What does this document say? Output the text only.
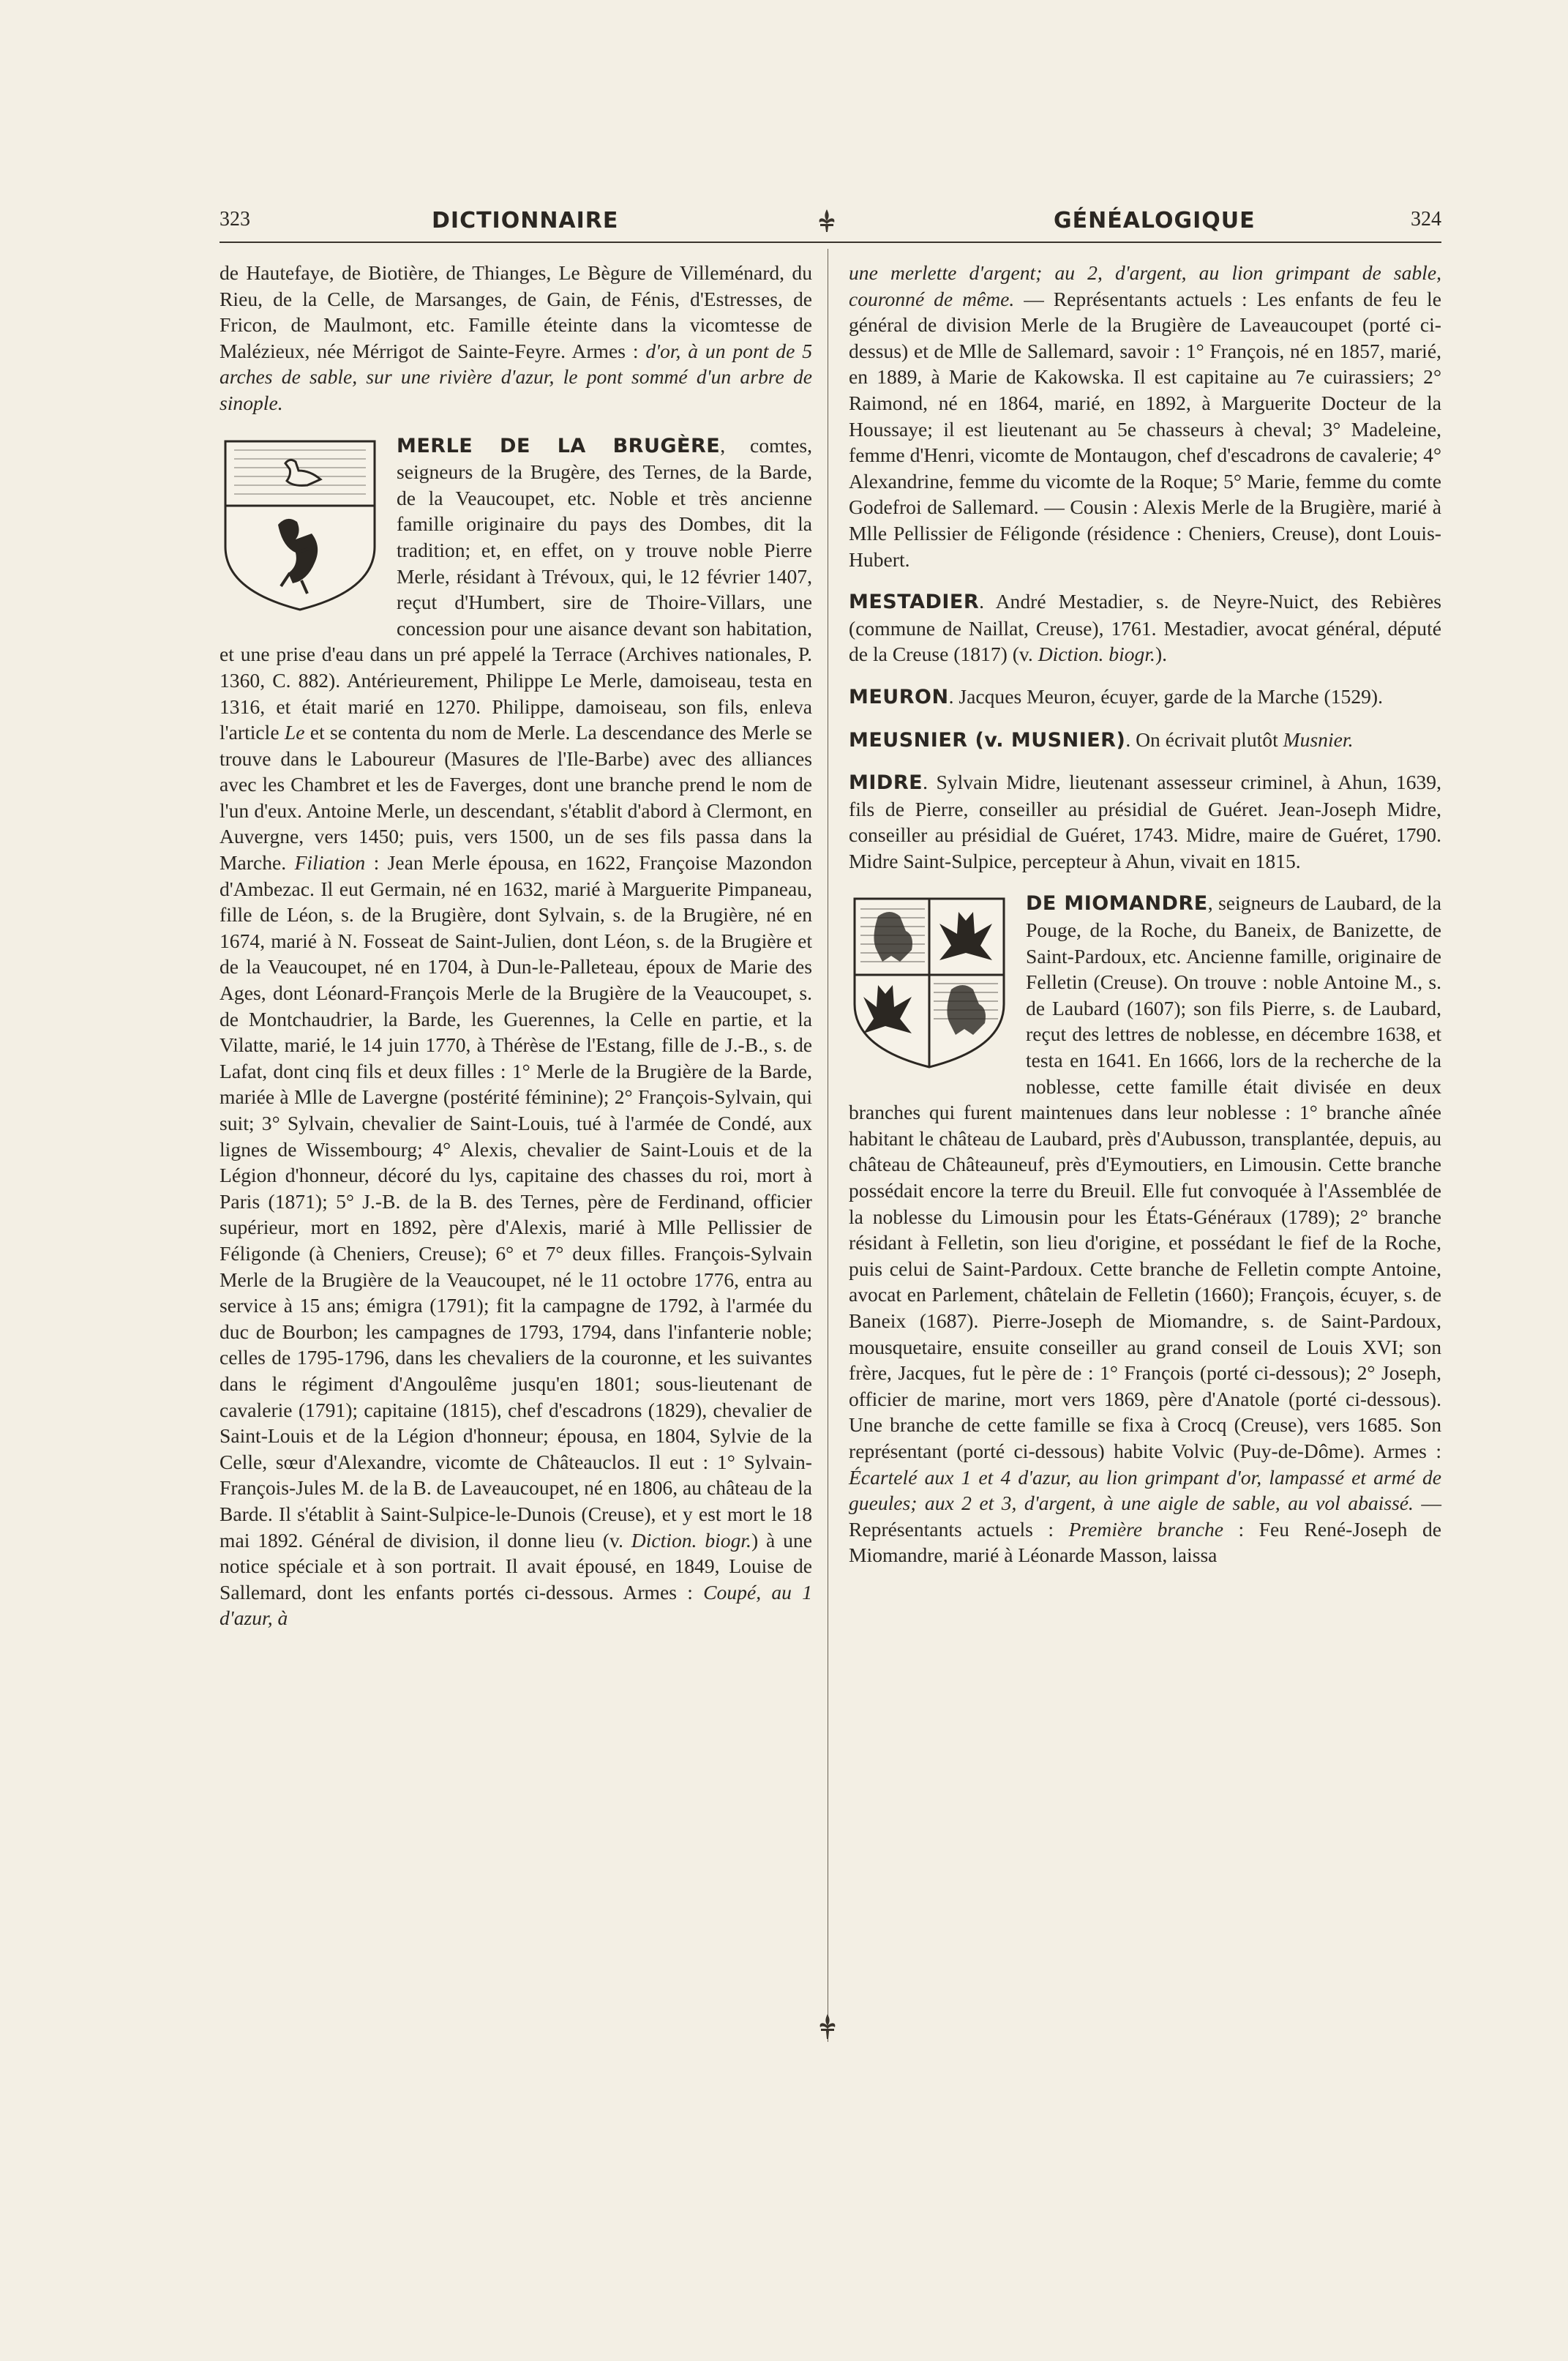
323	DICTIONNAIRE	GÉNÉALOGIQUE	324

de Hautefaye, de Biotière, de Thianges, Le Bègure de Villeménard, du Rieu, de la Celle, de Marsanges, de Gain, de Fénis, d'Estresses, de Fricon, de Maulmont, etc. Famille éteinte dans la vicomtesse de Malézieux, née Mérrigot de Sainte-Feyre. Armes : d'or, à un pont de 5 arches de sable, sur une rivière d'azur, le pont sommé d'un arbre de sinople.

MERLE DE LA BRUGÈRE, comtes, seigneurs de la Brugère, des Ternes, de la Barde, de la Veaucoupet, etc. Noble et très ancienne famille originaire du pays des Dombes, dit la tradition; et, en effet, on y trouve noble Pierre Merle, résidant à Trévoux, qui, le 12 février 1407, reçut d'Humbert, sire de Thoire-Villars, une concession pour une aisance devant son habitation, et une prise d'eau dans un pré appelé la Terrace (Archives nationales, P. 1360, C. 882). Antérieurement, Philippe Le Merle, damoiseau, testa en 1316, et était marié en 1270. Philippe, damoiseau, son fils, enleva l'article Le et se contenta du nom de Merle. La descendance des Merle se trouve dans le Laboureur (Masures de l'Ile-Barbe) avec des alliances avec les Chambret et les de Faverges, dont une branche prend le nom de l'un d'eux. Antoine Merle, un descendant, s'établit d'abord à Clermont, en Auvergne, vers 1450; puis, vers 1500, un de ses fils passa dans la Marche. Filiation : Jean Merle épousa, en 1622, Françoise Mazondon d'Ambezac. Il eut Germain, né en 1632, marié à Marguerite Pimpaneau, fille de Léon, s. de la Brugière, dont Sylvain, s. de la Brugière, né en 1674, marié à N. Fosseat de Saint-Julien, dont Léon, s. de la Brugière et de la Veaucoupet, né en 1704, à Dun-le-Palleteau, époux de Marie des Ages, dont Léonard-François Merle de la Brugière de la Veaucoupet, s. de Montchaudrier, la Barde, les Guerennes, la Celle en partie, et la Vilatte, marié, le 14 juin 1770, à Thérèse de l'Estang, fille de J.-B., s. de Lafat, dont cinq fils et deux filles : 1° Merle de la Brugière de la Barde, mariée à Mlle de Lavergne (postérité féminine); 2° François-Sylvain, qui suit; 3° Sylvain, chevalier de Saint-Louis, tué à l'armée de Condé, aux lignes de Wissembourg; 4° Alexis, chevalier de Saint-Louis et de la Légion d'honneur, décoré du lys, capitaine des chasses du roi, mort à Paris (1871); 5° J.-B. de la B. des Ternes, père de Ferdinand, officier supérieur, mort en 1892, père d'Alexis, marié à Mlle Pellissier de Féligonde (à Cheniers, Creuse); 6° et 7° deux filles. François-Sylvain Merle de la Brugière de la Veaucoupet, né le 11 octobre 1776, entra au service à 15 ans; émigra (1791); fit la campagne de 1792, à l'armée du duc de Bourbon; les campagnes de 1793, 1794, dans l'infanterie noble; celles de 1795-1796, dans les chevaliers de la couronne, et les suivantes dans le régiment d'Angoulême jusqu'en 1801; sous-lieutenant de cavalerie (1791); capitaine (1815), chef d'escadrons (1829), chevalier de Saint-Louis et de la Légion d'honneur; épousa, en 1804, Sylvie de la Celle, sœur d'Alexandre, vicomte de Châteauclos. Il eut : 1° Sylvain-François-Jules M. de la B. de Laveaucoupet, né en 1806, au château de la Barde. Il s'établit à Saint-Sulpice-le-Dunois (Creuse), et y est mort le 18 mai 1892. Général de division, il donne lieu (v. Diction. biogr.) à une notice spéciale et à son portrait. Il avait épousé, en 1849, Louise de Sallemard, dont les enfants portés ci-dessous. Armes : Coupé, au 1 d'azur, à

une merlette d'argent; au 2, d'argent, au lion grimpant de sable, couronné de même. — Représentants actuels : Les enfants de feu le général de division Merle de la Brugière de Laveaucoupet (porté ci-dessus) et de Mlle de Sallemard, savoir : 1° François, né en 1857, marié, en 1889, à Marie de Kakowska. Il est capitaine au 7e cuirassiers; 2° Raimond, né en 1864, marié, en 1892, à Marguerite Docteur de la Houssaye; il est lieutenant au 5e chasseurs à cheval; 3° Madeleine, femme d'Henri, vicomte de Montaugon, chef d'escadrons de cavalerie; 4° Alexandrine, femme du vicomte de la Roque; 5° Marie, femme du comte Godefroi de Sallemard. — Cousin : Alexis Merle de la Brugière, marié à Mlle Pellissier de Féligonde (résidence : Cheniers, Creuse), dont Louis-Hubert.

MESTADIER. André Mestadier, s. de Neyre-Nuict, des Rebières (commune de Naillat, Creuse), 1761. Mestadier, avocat général, député de la Creuse (1817) (v. Diction. biogr.).

MEURON. Jacques Meuron, écuyer, garde de la Marche (1529).

MEUSNIER (v. MUSNIER). On écrivait plutôt Musnier.

MIDRE. Sylvain Midre, lieutenant assesseur criminel, à Ahun, 1639, fils de Pierre, conseiller au présidial de Guéret. Jean-Joseph Midre, conseiller au présidial de Guéret, 1743. Midre, maire de Guéret, 1790. Midre Saint-Sulpice, percepteur à Ahun, vivait en 1815.

DE MIOMANDRE, seigneurs de Laubard, de la Pouge, de la Roche, du Baneix, de Banizette, de Saint-Pardoux, etc. Ancienne famille, originaire de Felletin (Creuse). On trouve : noble Antoine M., s. de Laubard (1607); son fils Pierre, s. de Laubard, reçut des lettres de noblesse, en décembre 1638, et testa en 1641. En 1666, lors de la recherche de la noblesse, cette famille était divisée en deux branches qui furent maintenues dans leur noblesse : 1° branche aînée habitant le château de Laubard, près d'Aubusson, transplantée, depuis, au château de Châteauneuf, près d'Eymoutiers, en Limousin. Cette branche possédait encore la terre du Breuil. Elle fut convoquée à l'Assemblée de la noblesse du Limousin pour les États-Généraux (1789); 2° branche résidant à Felletin, son lieu d'origine, et possédant le fief de la Roche, puis celui de Saint-Pardoux. Cette branche de Felletin compte Antoine, avocat en Parlement, châtelain de Felletin (1660); François, écuyer, s. de Baneix (1687). Pierre-Joseph de Miomandre, s. de Saint-Pardoux, mousquetaire, ensuite conseiller au grand conseil de Louis XVI; son frère, Jacques, fut le père de : 1° François (porté ci-dessous); 2° Joseph, officier de marine, mort vers 1869, père d'Anatole (porté ci-dessous). Une branche de cette famille se fixa à Crocq (Creuse), vers 1685. Son représentant (porté ci-dessous) habite Volvic (Puy-de-Dôme). Armes : Écartelé aux 1 et 4 d'azur, au lion grimpant d'or, lampassé et armé de gueules; aux 2 et 3, d'argent, à une aigle de sable, au vol abaissé. — Représentants actuels : Première branche : Feu René-Joseph de Miomandre, marié à Léonarde Masson, laissa
